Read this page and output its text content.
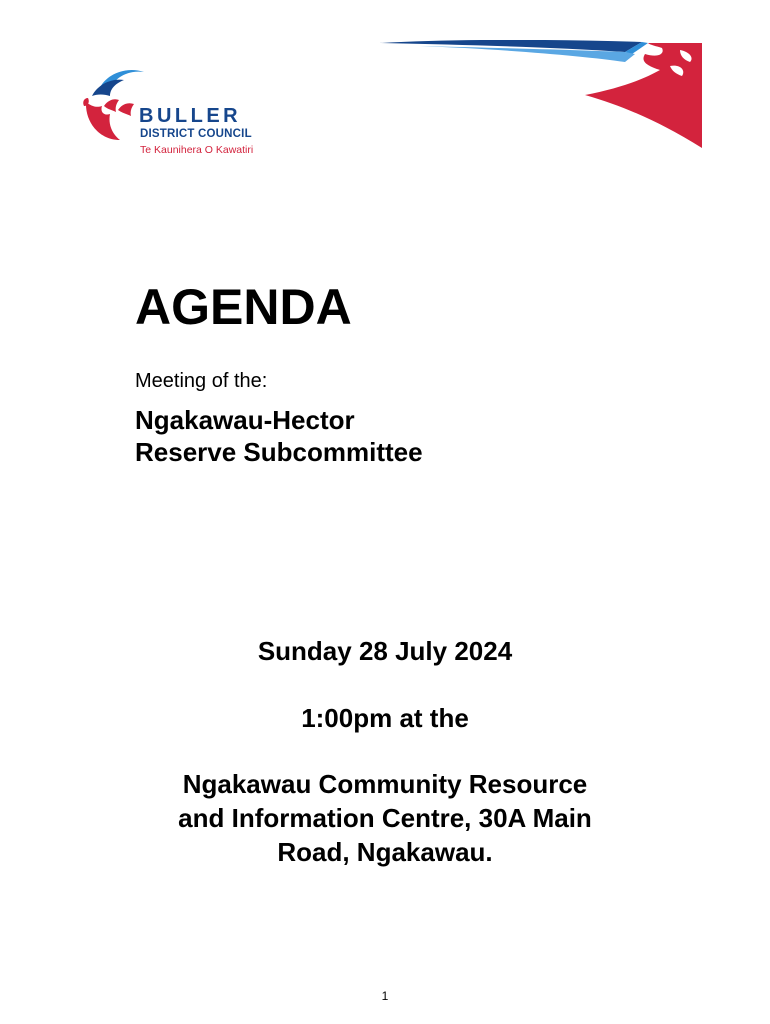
BULLER
DISTRICT COUNCIL
Te Kaunihera O Kawatiri
AGENDA
Meeting of the:
Ngakawau-Hector
Reserve Subcommittee
Sunday 28 July 2024
1:00pm at the
Ngakawau Community Resource
and Information Centre, 30A Main
Road, Ngakawau.
1
